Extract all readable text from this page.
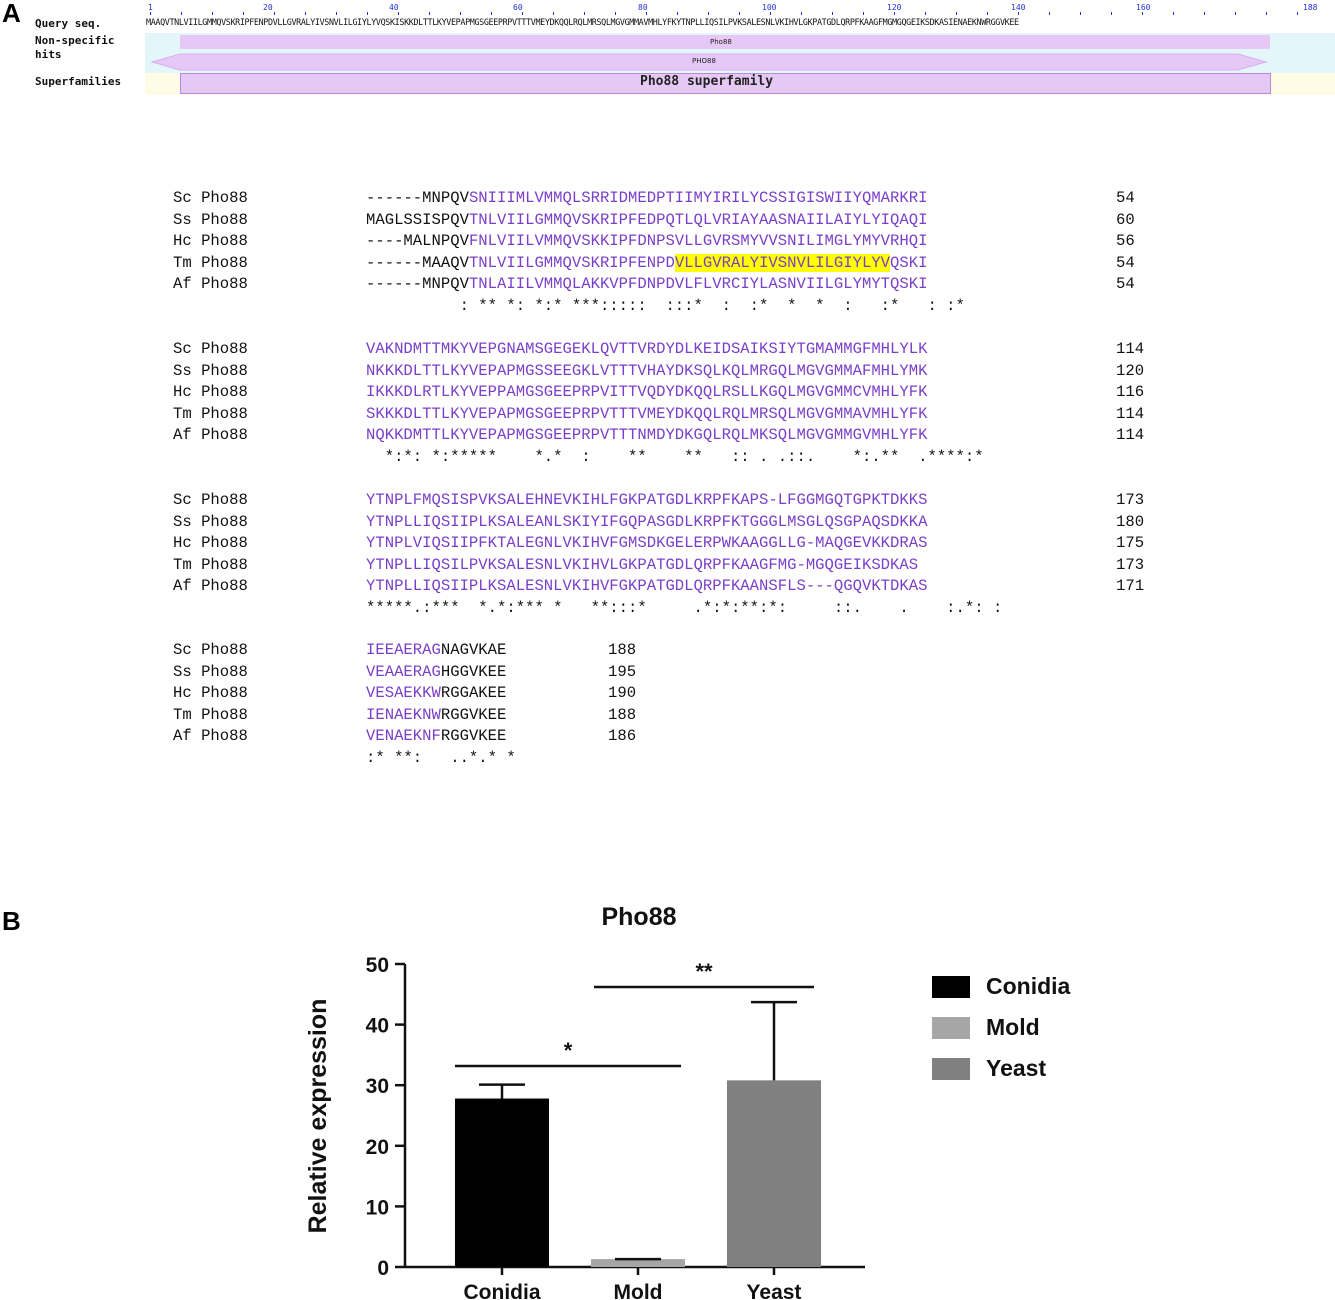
A	1	20	40	60	80	100	120	140	160	188
Query seq.	MAAQVTNLVIILGMMQVSKRIPFENPDVLLGVRALYIVSNVLILGIYLYVQSKISKKDLTTLKYVEPAPMGSGEEPRPVTTTVMEYDKQQLRQLMRSQLMGVGMMAVMHLYFKYTNPLLIQSILPVKSALESNLVKIHVLGKPATGDLQRPFKAAGFMGMGQGEIKSDKASIENAEKNWRGGVKEE
Non-specific
hits
Superfamilies
Pho88
PHO88
Pho88 superfamily
Sc Pho88	------MNPQVSNIIIMLVMMQLSRRIDMEDPTIIMYIRILYCSSIGISWIIYQMARKRI	54
Ss Pho88	MAGLSSISPQVTNLVIILGMMQVSKRIPFEDPQTLQLVRIAYAASNAIILAIYLYIQAQI	60
Hc Pho88	----MALNPQVFNLVIILVMMQVSKKIPFDNPSVLLGVRSMYVVSNILIMGLYMYVRHQI	56
Tm Pho88	------MAAQVTNLVIILGMMQVSKRIPFENPDVLLGVRALYIVSNVLILGIYLYVQSKI	54
Af Pho88	------MNPQVTNLAIILVMMQLAKKVPFDNPDVLFLVRCIYLASNVIILGLYMYTQSKI	54
: ** *: *:* ***:::::  :::*  :  :*  *  *  :   :*   : :*
Sc Pho88	VAKNDMTTMKYVEPGNAMSGEGEKLQVTTVRDYDLKEIDSAIKSIYTGMAMMGFMHLYLK	114
Ss Pho88	NKKKDLTTLKYVEPAPMGSSEEGKLVTTTVHAYDKSQLKQLMRGQLMGVGMMAFMHLYMK	120
Hc Pho88	IKKKDLRTLKYVEPPAMGSGEEPRPVITTVQDYDKQQLRSLLKGQLMGVGMMCVMHLYFK	116
Tm Pho88	SKKKDLTTLKYVEPAPMGSGEEPRPVTTTVMEYDKQQLRQLMRSQLMGVGMMAVMHLYFK	114
Af Pho88	NQKKDMTTLKYVEPAPMGSGEEPRPVTTTNMDYDKGQLRQLMKSQLMGVGMMGVMHLYFK	114
*:*: *:*****    *.*  :    **    **   :: . .::.    *:.**  .****:*
Sc Pho88	YTNPLFMQSISPVKSALEHNEVKIHLFGKPATGDLKRPFKAPS-LFGGMGQTGPKTDKKS	173
Ss Pho88	YTNPLLIQSIIPLKSALEANLSKIYIFGQPASGDLKRPFKTGGGLMSGLQSGPAQSDKKA	180
Hc Pho88	YTNPLVIQSIIPFKTALEGNLVKIHVFGMSDKGELERPWKAAGGLLG-MAQGEVKKDRAS	175
Tm Pho88	YTNPLLIQSILPVKSALESNLVKIHVLGKPATGDLQRPFKAAGFMG-MGQGEIKSDKAS	173
Af Pho88	YTNPLLIQSIIPLKSALESNLVKIHVFGKPATGDLQRPFKAANSFLS---QGQVKTDKAS	171
*****.:***  *.*:*** *   **:::*     .*:*:**:*:     ::.    .    :.*: :
Sc Pho88	IEEAERAGNAGVKAE	188
Ss Pho88	VEAAERAGHGGVKEE	195
Hc Pho88	VESAEKKWRGGAKEE	190
Tm Pho88	IENAEKNWRGGVKEE	188
Af Pho88	VENAEKNFRGGVKEE	186
:* **:   ..*.* *
B	Pho88
Relative expression
0
10
20
30
40
50
Conidia	Mold	Yeast
*
**
Conidia
Mold
Yeast
